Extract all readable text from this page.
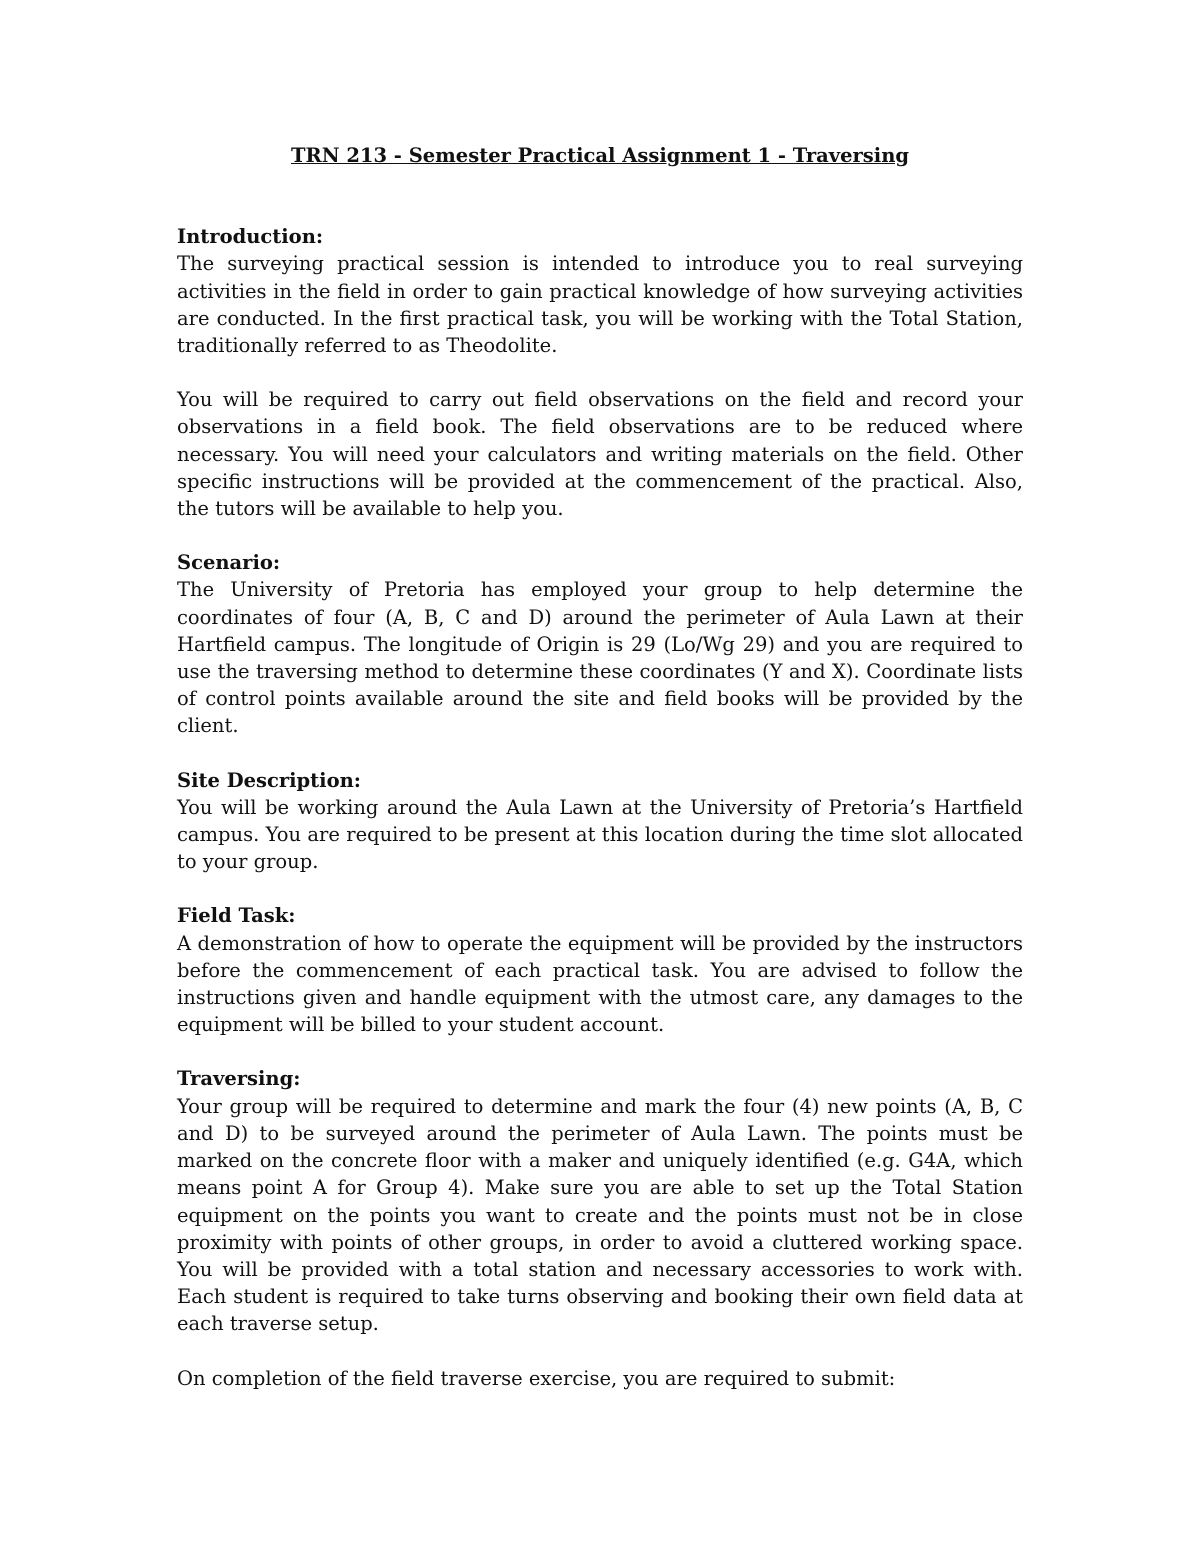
TRN 213 - Semester Practical Assignment 1 - Traversing
Introduction:

The surveying practical session is intended to introduce you to real surveying activities in the field in order to gain practical knowledge of how surveying activities are conducted. In the first practical task, you will be working with the Total Station, traditionally referred to as Theodolite.

You will be required to carry out field observations on the field and record your observations in a field book. The field observations are to be reduced where necessary. You will need your calculators and writing materials on the field. Other specific instructions will be provided at the commencement of the practical. Also, the tutors will be available to help you.

Scenario:

The University of Pretoria has employed your group to help determine the coordinates of four (A, B, C and D) around the perimeter of Aula Lawn at their Hartfield campus. The longitude of Origin is 29 (Lo/Wg 29) and you are required to use the traversing method to determine these coordinates (Y and X). Coordinate lists of control points available around the site and field books will be provided by the client.

Site Description:

You will be working around the Aula Lawn at the University of Pretoria’s Hartfield campus. You are required to be present at this location during the time slot allocated to your group.

Field Task:

A demonstration of how to operate the equipment will be provided by the instructors before the commencement of each practical task. You are advised to follow the instructions given and handle equipment with the utmost care, any damages to the equipment will be billed to your student account.

Traversing:

Your group will be required to determine and mark the four (4) new points (A, B, C and D) to be surveyed around the perimeter of Aula Lawn. The points must be marked on the concrete floor with a maker and uniquely identified (e.g. G4A, which means point A for Group 4). Make sure you are able to set up the Total Station equipment on the points you want to create and the points must not be in close proximity with points of other groups, in order to avoid a cluttered working space. You will be provided with a total station and necessary accessories to work with. Each student is required to take turns observing and booking their own field data at each traverse setup.

On completion of the field traverse exercise, you are required to submit:
